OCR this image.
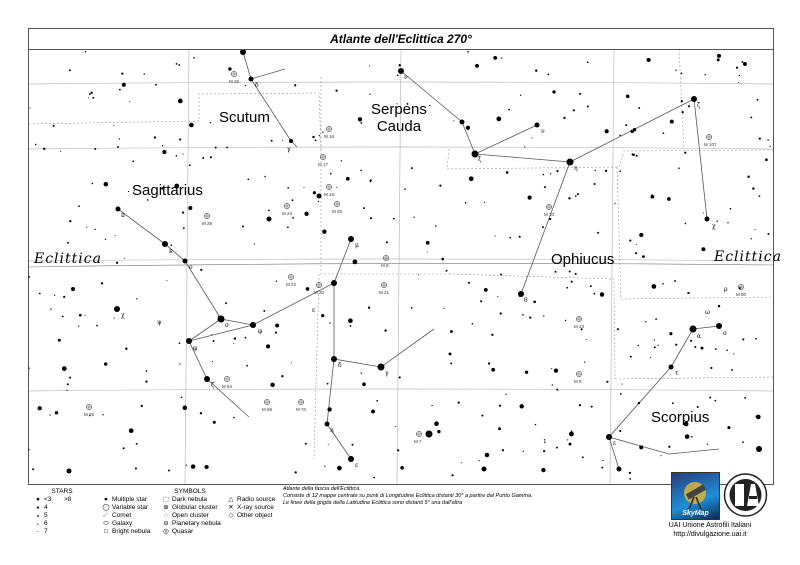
M 26
M 16
M 17
M 18
M 24	M 25
M 28
M 22
M 8
M 20	M 21
M 23
M 9
M 10
M 107
M 80
M 54
M 69	M 70
M 55
M 7
δ
γ
ν
ο
ξ
ν
η
ζ
χ
π
κ
ο
σ
φ
ζ
φ
ε
μ
δ
γ
η
ε
σ
α
τ
ε
θ
χ
ψ
ρ
ω
Atlante dell'Eclittica 270°
Scutum	Serpens
Cauda
Sagittarius
Ophiucus
Scorpius
Eclittica	Eclittica
STARS
● <3	>8
● 4
● 5
● 6
● 7
SYMBOLS
● Multiple star
◯ Variable star
☄ Comet
⬭ Galaxy
□ Bright nebula
⬚ Dark nebula
⊕ Globular cluster
◌ Open cluster
⊖ Planetary nebula
◎ Quasar
△ Radio source
✕ X-ray source
◇ Other object
Atlante della fascia dell'Eclittica.
Consiste di 12 mappe centrate su punti di Longitudine Eclittica distanti 30° a partire dal Punto Gamma.
Le linee della griglia della Latitudine Eclittica sono distanti 5° una dall'altra
SkyMap
UAI Unione Astrofili Italiani
http://divulgazione.uai.it
